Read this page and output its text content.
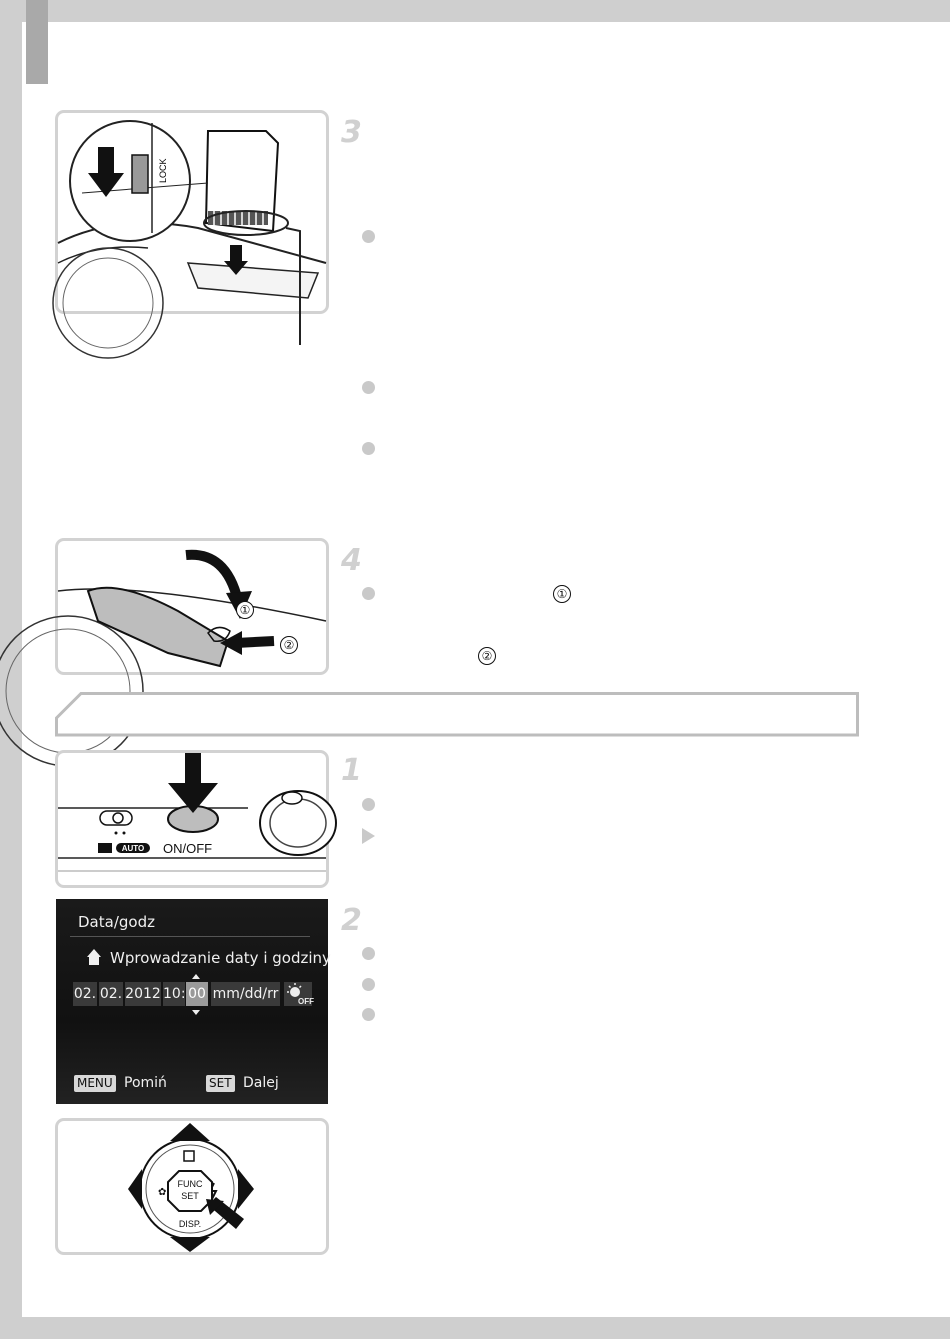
LOCK
3
①
②
4
①
②
AUTO ON/OFF
1
Data/godz
Wprowadzanie daty i godziny
02. 02. 2012 10: 00 mm/dd/rr OFF
MENU Pomiń	SET Dalej
2
✿
FUNC
SET
DISP.
